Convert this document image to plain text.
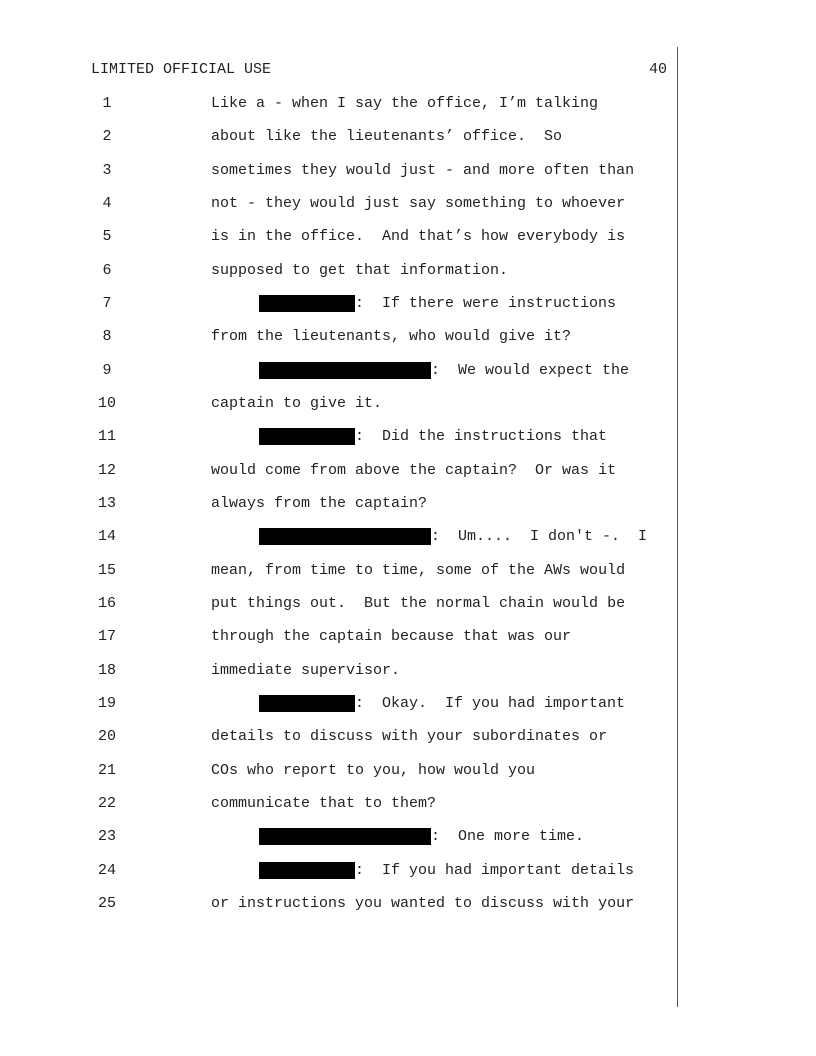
LIMITED OFFICIAL USE	40
1	Like a - when I say the office, I’m talking
2	about like the lieutenants’ office.  So
3	sometimes they would just - and more often than
4	not - they would just say something to whoever
5	is in the office.  And that’s how everybody is
6	supposed to get that information.
7	:  If there were instructions
8	from the lieutenants, who would give it?
9	:  We would expect the
10	captain to give it.
11	:  Did the instructions that
12	would come from above the captain?  Or was it
13	always from the captain?
14	:  Um....  I don't -.  I
15	mean, from time to time, some of the AWs would
16	put things out.  But the normal chain would be
17	through the captain because that was our
18	immediate supervisor.
19	:  Okay.  If you had important
20	details to discuss with your subordinates or
21	COs who report to you, how would you
22	communicate that to them?
23	:  One more time.
24	:  If you had important details
25	or instructions you wanted to discuss with your
